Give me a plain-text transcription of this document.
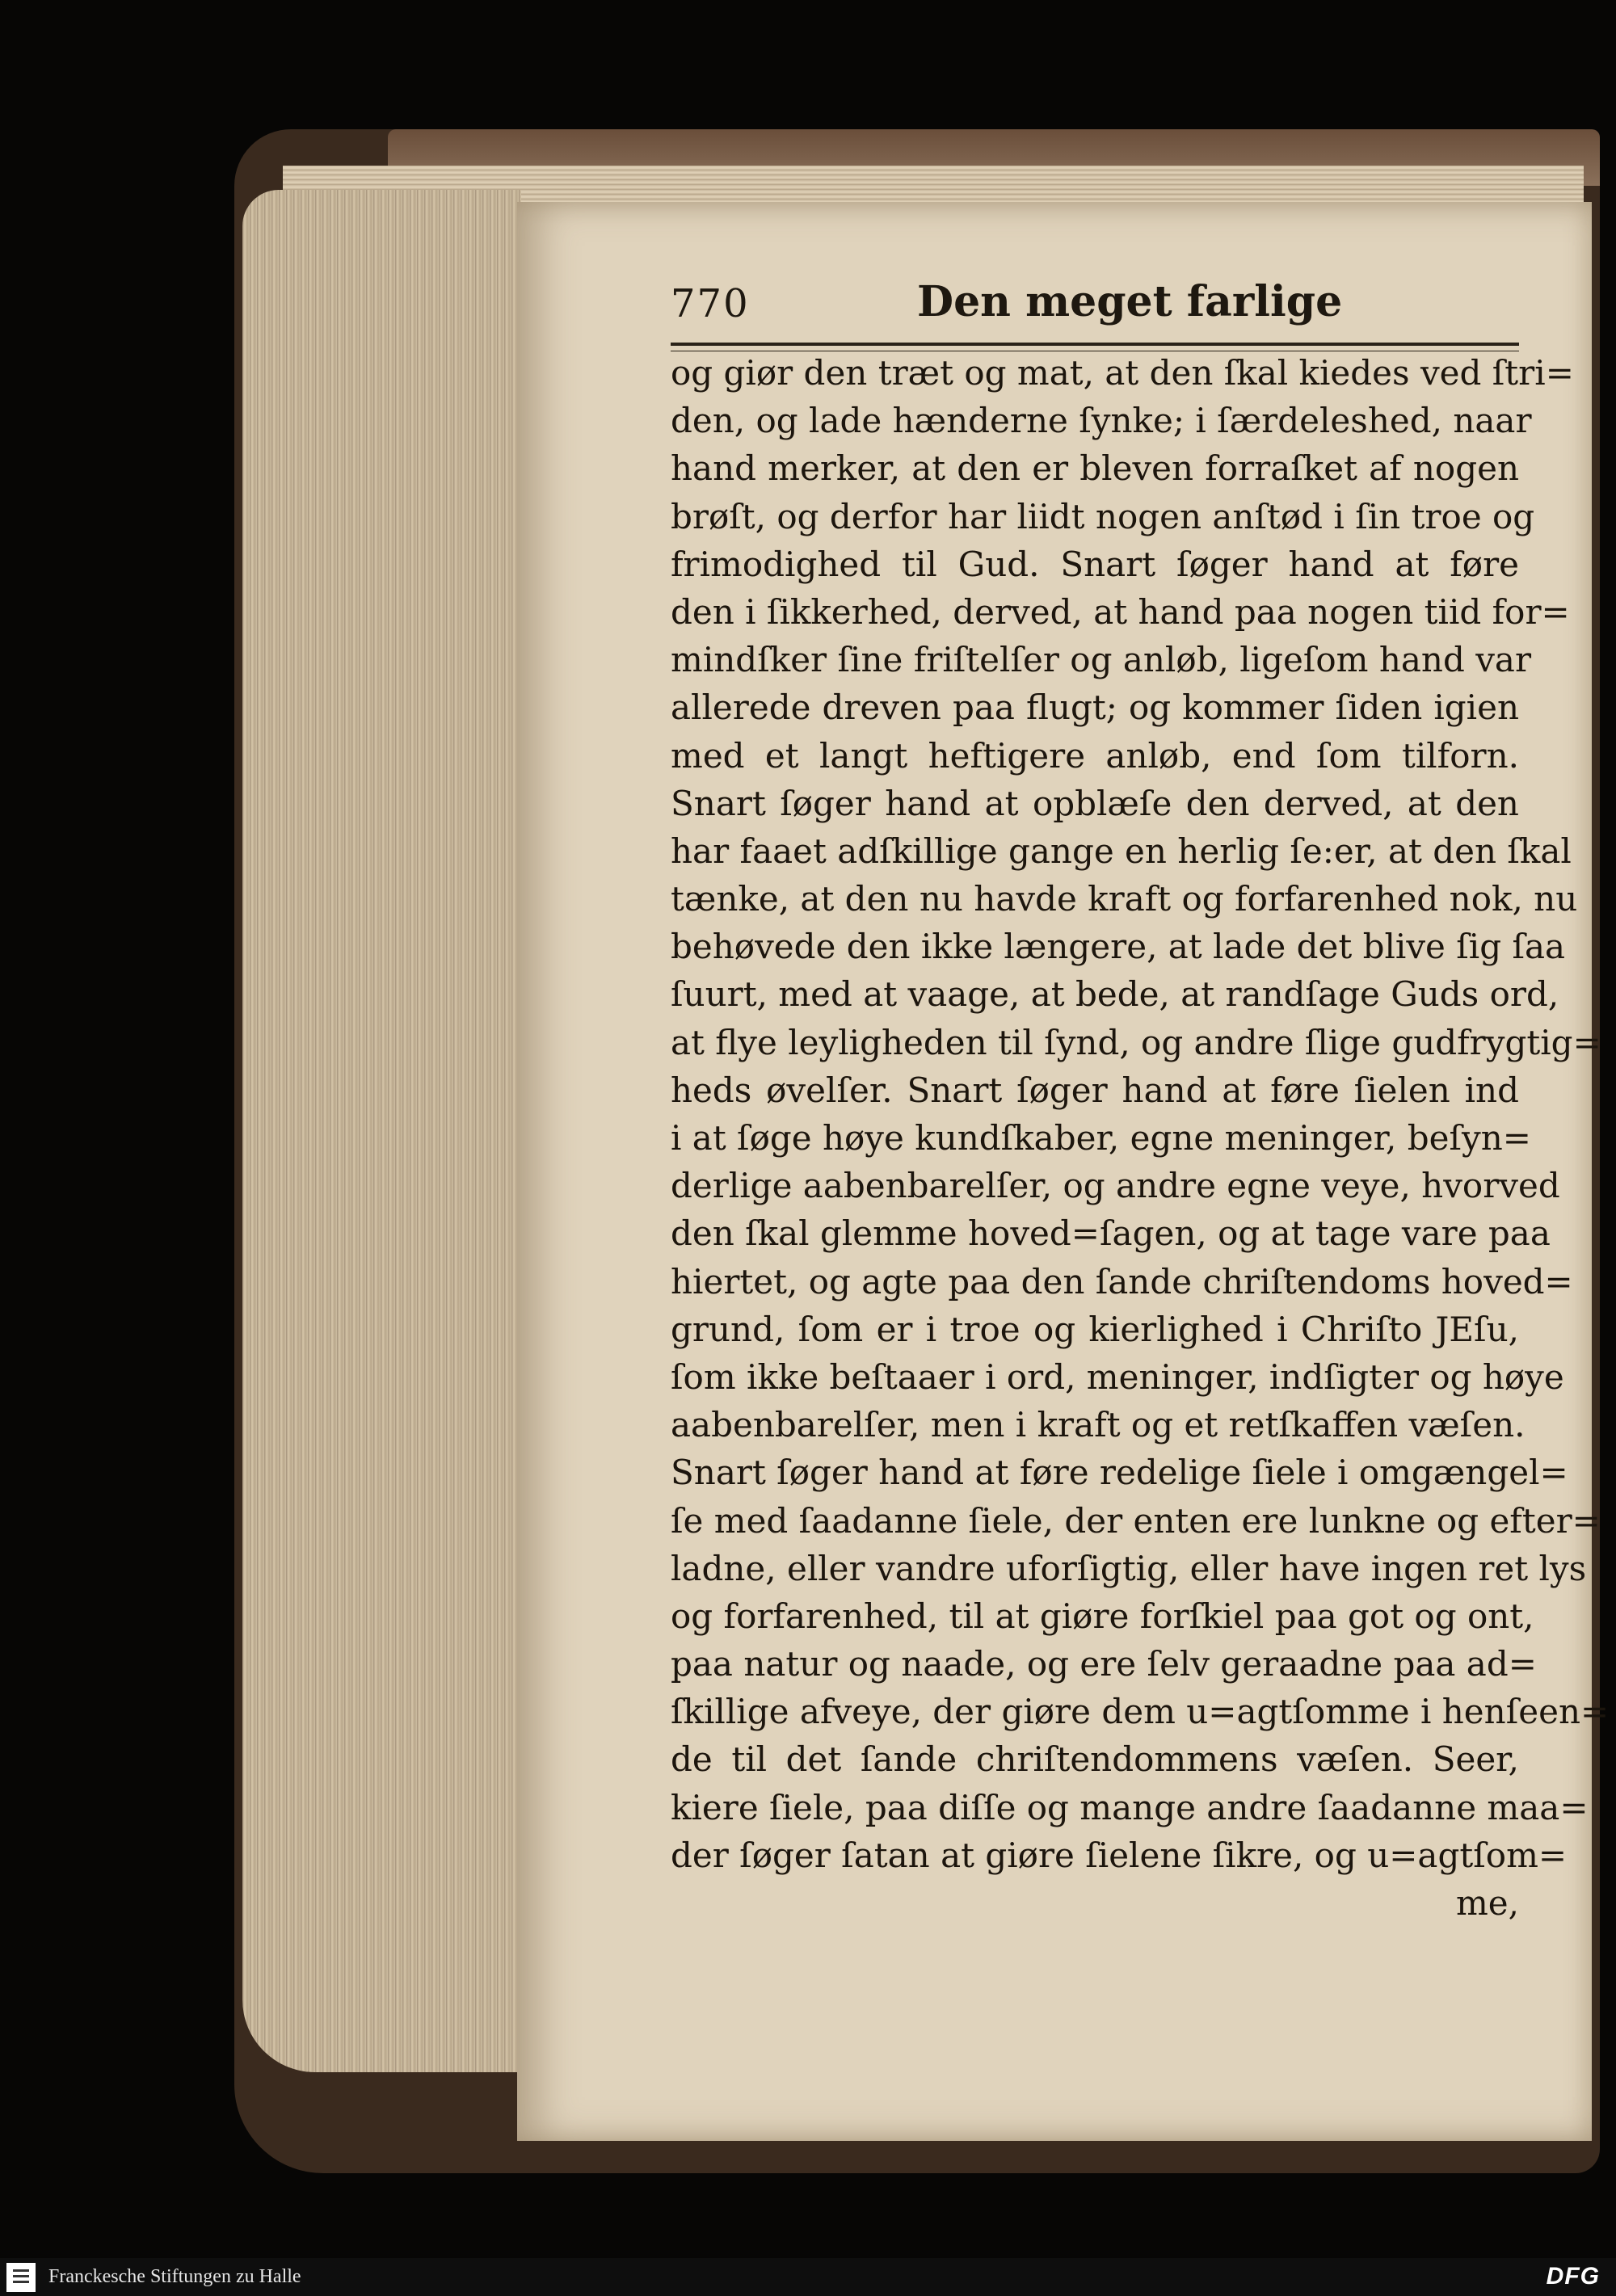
770	Den meget farlige
og giør den træt og mat, at den ſkal kiedes ved ſtri=
den, og lade hænderne ſynke; i ſærdeleshed, naar
hand merker, at den er bleven forraſket af nogen
brøſt, og derfor har liidt nogen anſtød i ſin troe og
frimodighed til Gud. Snart ſøger hand at føre
den i ſikkerhed, derved, at hand paa nogen tiid for=
mindſker ſine friſtelſer og anløb, ligeſom hand var
allerede dreven paa flugt; og kommer ſiden igien
med et langt heftigere anløb, end ſom tilforn.
Snart ſøger hand at opblæſe den derved, at den
har faaet adſkillige gange en herlig ſe:er, at den ſkal
tænke, at den nu havde kraft og forfarenhed nok, nu
behøvede den ikke længere, at lade det blive ſig ſaa
ſuurt, med at vaage, at bede, at randſage Guds ord,
at flye leyligheden til ſynd, og andre ſlige gudfrygtig=
heds øvelſer. Snart ſøger hand at føre ſielen ind
i at ſøge høye kundſkaber, egne meninger, beſyn=
derlige aabenbarelſer, og andre egne veye, hvorved
den ſkal glemme hoved=ſagen, og at tage vare paa
hiertet, og agte paa den ſande chriſtendoms hoved=
grund, ſom er i troe og kierlighed i Chriſto JEſu,
ſom ikke beſtaaer i ord, meninger, indſigter og høye
aabenbarelſer, men i kraft og et retſkaffen væſen.
Snart ſøger hand at føre redelige ſiele i omgængel=
ſe med ſaadanne ſiele, der enten ere lunkne og efter=
ladne, eller vandre uforſigtig, eller have ingen ret lys
og forfarenhed, til at giøre forſkiel paa got og ont,
paa natur og naade, og ere ſelv geraadne paa ad=
ſkillige afveye, der giøre dem u=agtſomme i henſeen=
de til det ſande chriſtendommens væſen. Seer,
kiere ſiele, paa diſſe og mange andre ſaadanne maa=
der ſøger ſatan at giøre ſielene ſikre, og u=agtſom=
me,
Franckesche Stiftungen zu Halle	DFG
